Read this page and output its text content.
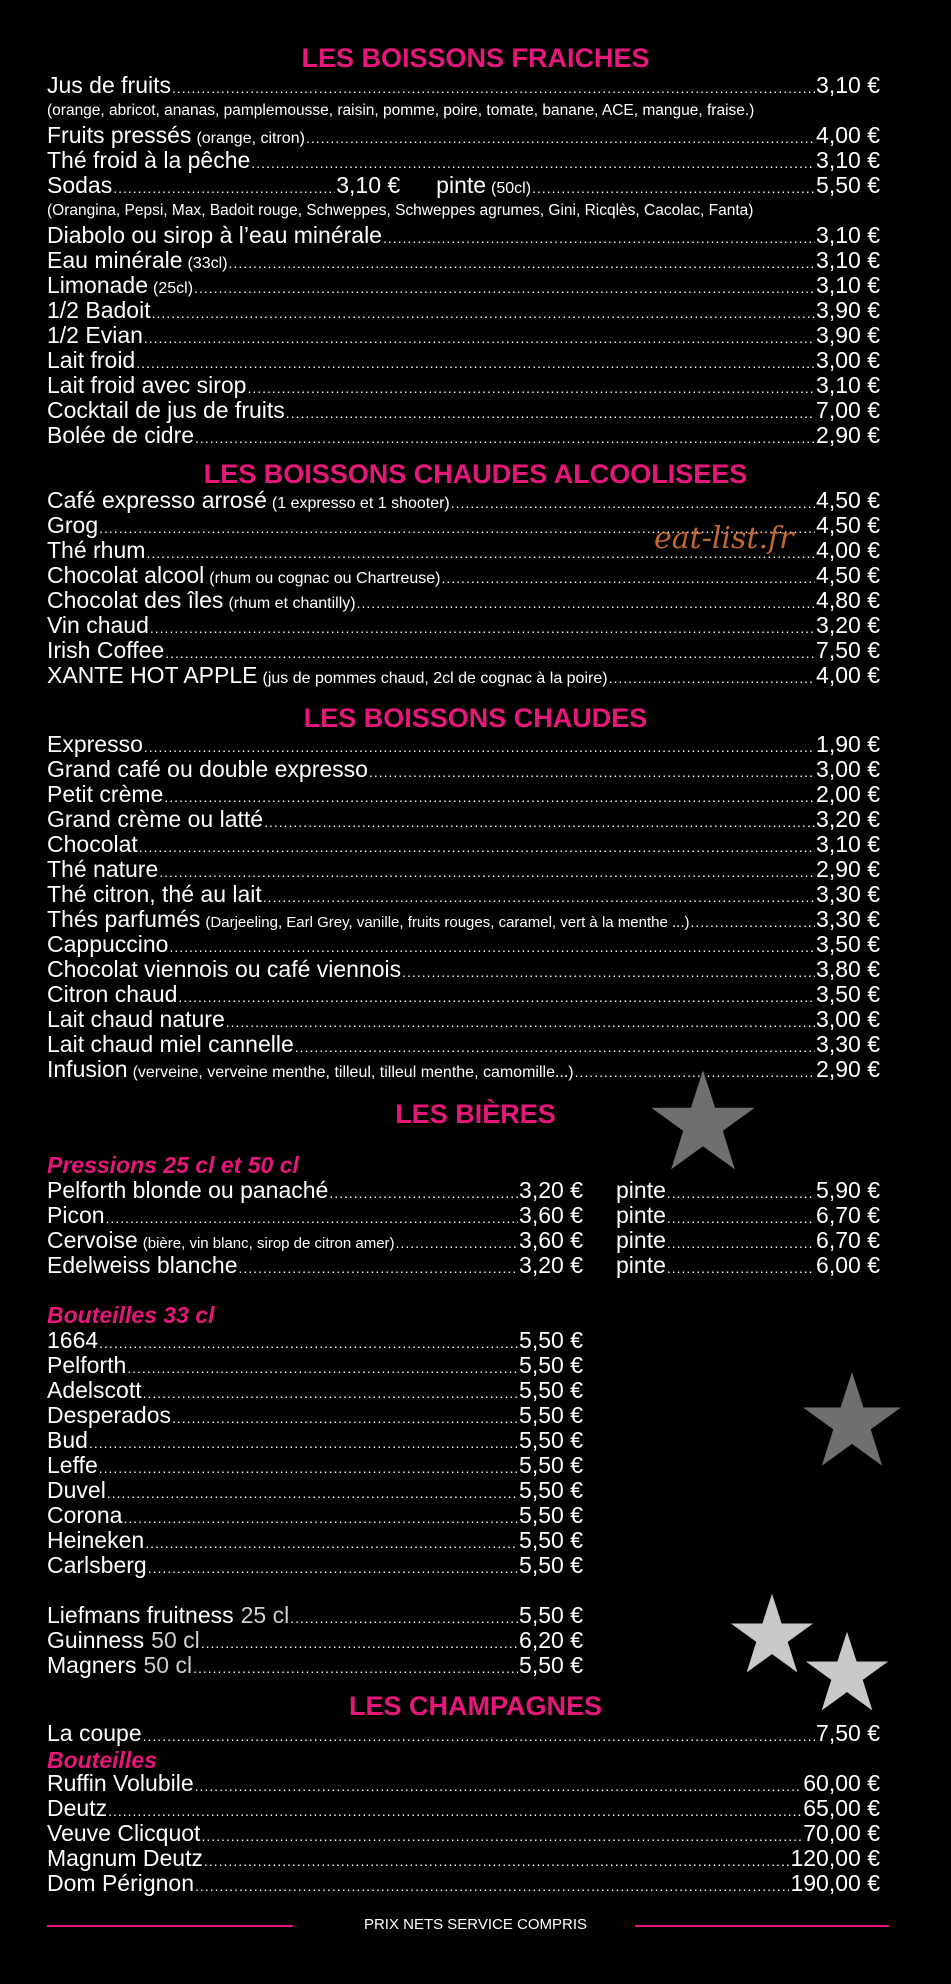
LES BOISSONS FRAICHES
Jus de fruits .....	3,10 €
(orange, abricot, ananas, pamplemousse, raisin, pomme, poire, tomate, banane, ACE, mangue, fraise.)
Fruits pressés (orange, citron) .....	4,00 €
Thé froid à la pêche .....	3,10 €
Sodas .....	3,10 € pinte (50cl) .....	5,50 €
(Orangina, Pepsi, Max, Badoit rouge, Schweppes, Schweppes agrumes, Gini, Ricqlès, Cacolac, Fanta)
Diabolo ou sirop à l’eau minérale .....	3,10 €
Eau minérale (33cl) .....	3,10 €
Limonade (25cl) .....	3,10 €
1/2 Badoit .....	3,90 €
1/2 Evian .....	3,90 €
Lait froid .....	3,00 €
Lait froid avec sirop .....	3,10 €
Cocktail de jus de fruits .....	7,00 €
Bolée de cidre .....	2,90 €
LES BOISSONS CHAUDES ALCOOLISEES
Café expresso arrosé (1 expresso et 1 shooter) .....	4,50 €
Grog .....	4,50 €
Thé rhum .....	4,00 €
Chocolat alcool (rhum ou cognac ou Chartreuse) .....	4,50 €
Chocolat des îles (rhum et chantilly) .....	4,80 €
Vin chaud .....	3,20 €
Irish Coffee .....	7,50 €
XANTE HOT APPLE (jus de pommes chaud, 2cl de cognac à la poire) .....	4,00 €
eat-list.fr
LES BOISSONS CHAUDES
Expresso .....	1,90 €
Grand café ou double expresso .....	3,00 €
Petit crème .....	2,00 €
Grand crème ou latté .....	3,20 €
Chocolat .....	3,10 €
Thé nature .....	2,90 €
Thé citron, thé au lait .....	3,30 €
Thés parfumés (Darjeeling, Earl Grey, vanille, fruits rouges, caramel, vert à la menthe ...) .....	3,30 €
Cappuccino .....	3,50 €
Chocolat viennois ou café viennois .....	3,80 €
Citron chaud .....	3,50 €
Lait chaud nature .....	3,00 €
Lait chaud miel cannelle .....	3,30 €
Infusion (verveine, verveine menthe, tilleul, tilleul menthe, camomille...) .....	2,90 €
LES BIÈRES
Pressions 25 cl et 50 cl
Pelforth blonde ou panaché .....	3,20 € pinte .....	5,90 €
Picon .....	3,60 € pinte .....	6,70 €
Cervoise (bière, vin blanc, sirop de citron amer) .....	3,60 € pinte .....	6,70 €
Edelweiss blanche .....	3,20 € pinte .....	6,00 €
Bouteilles 33 cl
1664 .....	5,50 €
Pelforth .....	5,50 €
Adelscott .....	5,50 €
Desperados .....	5,50 €
Bud .....	5,50 €
Leffe .....	5,50 €
Duvel .....	5,50 €
Corona .....	5,50 €
Heineken .....	5,50 €
Carlsberg .....	5,50 €
Liefmans fruitness 25 cl .....	5,50 €
Guinness 50 cl .....	6,20 €
Magners 50 cl .....	5,50 €
LES CHAMPAGNES
La coupe .....	7,50 €
Bouteilles
Ruffin Volubile .....	60,00 €
Deutz .....	65,00 €
Veuve Clicquot .....	70,00 €
Magnum Deutz .....	120,00 €
Dom Pérignon .....	190,00 €
PRIX NETS SERVICE COMPRIS
